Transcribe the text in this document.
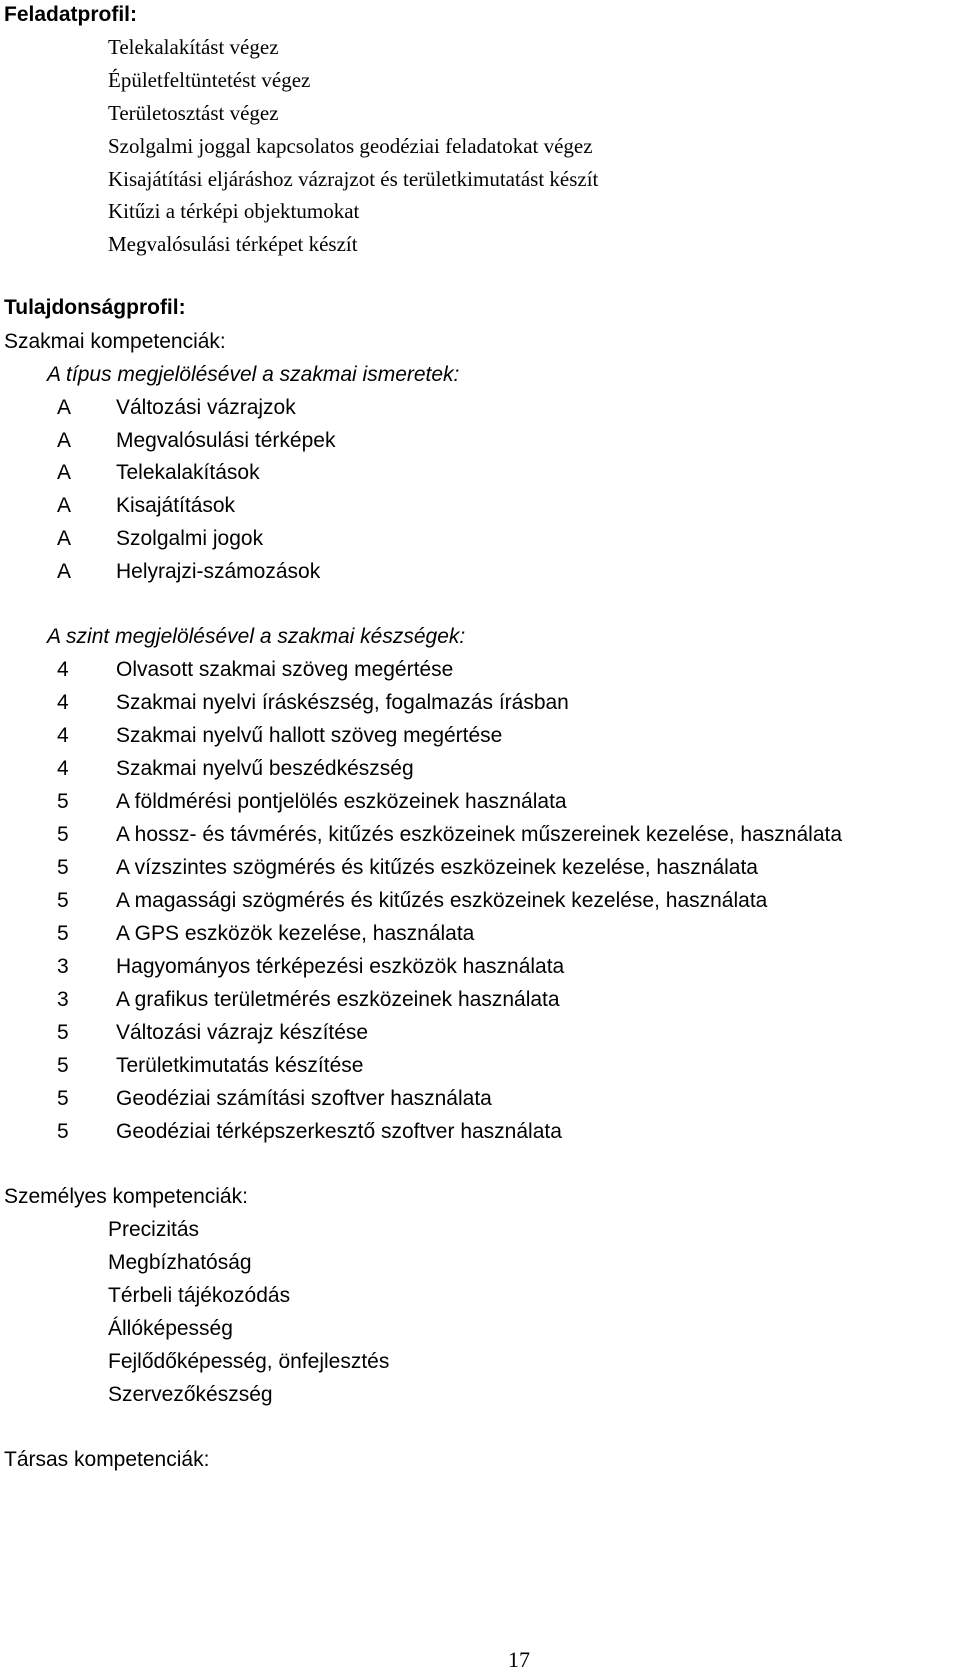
Feladatprofil:
Telekalakítást végez
Épületfeltüntetést végez
Területosztást végez
Szolgalmi joggal kapcsolatos geodéziai feladatokat végez
Kisajátítási eljáráshoz vázrajzot és területkimutatást készít
Kitűzi a térképi objektumokat
Megvalósulási térképet készít
Tulajdonságprofil:
Szakmai kompetenciák:
A típus megjelölésével a szakmai ismeretek:
A Változási vázrajzok
A Megvalósulási térképek
A Telekalakítások
A Kisajátítások
A Szolgalmi jogok
A Helyrajzi-számozások
A szint megjelölésével a szakmai készségek:
4	Olvasott szakmai szöveg megértése
4	Szakmai nyelvi íráskészség, fogalmazás írásban
4	Szakmai nyelvű hallott szöveg megértése
4	Szakmai nyelvű beszédkészség
5	A földmérési pontjelölés eszközeinek használata
5	A hossz- és távmérés, kitűzés eszközeinek műszereinek kezelése, használata
5	A vízszintes szögmérés és kitűzés eszközeinek kezelése, használata
5	A magassági szögmérés és kitűzés eszközeinek kezelése, használata
5	A GPS eszközök kezelése, használata
3	Hagyományos térképezési eszközök használata
3	A grafikus területmérés eszközeinek használata
5	Változási vázrajz készítése
5	Területkimutatás készítése
5	Geodéziai számítási szoftver használata
5	Geodéziai térképszerkesztő szoftver használata
Személyes kompetenciák:
Precizitás
Megbízhatóság
Térbeli tájékozódás
Állóképesség
Fejlődőképesség, önfejlesztés
Szervezőkészség
Társas kompetenciák:
17
